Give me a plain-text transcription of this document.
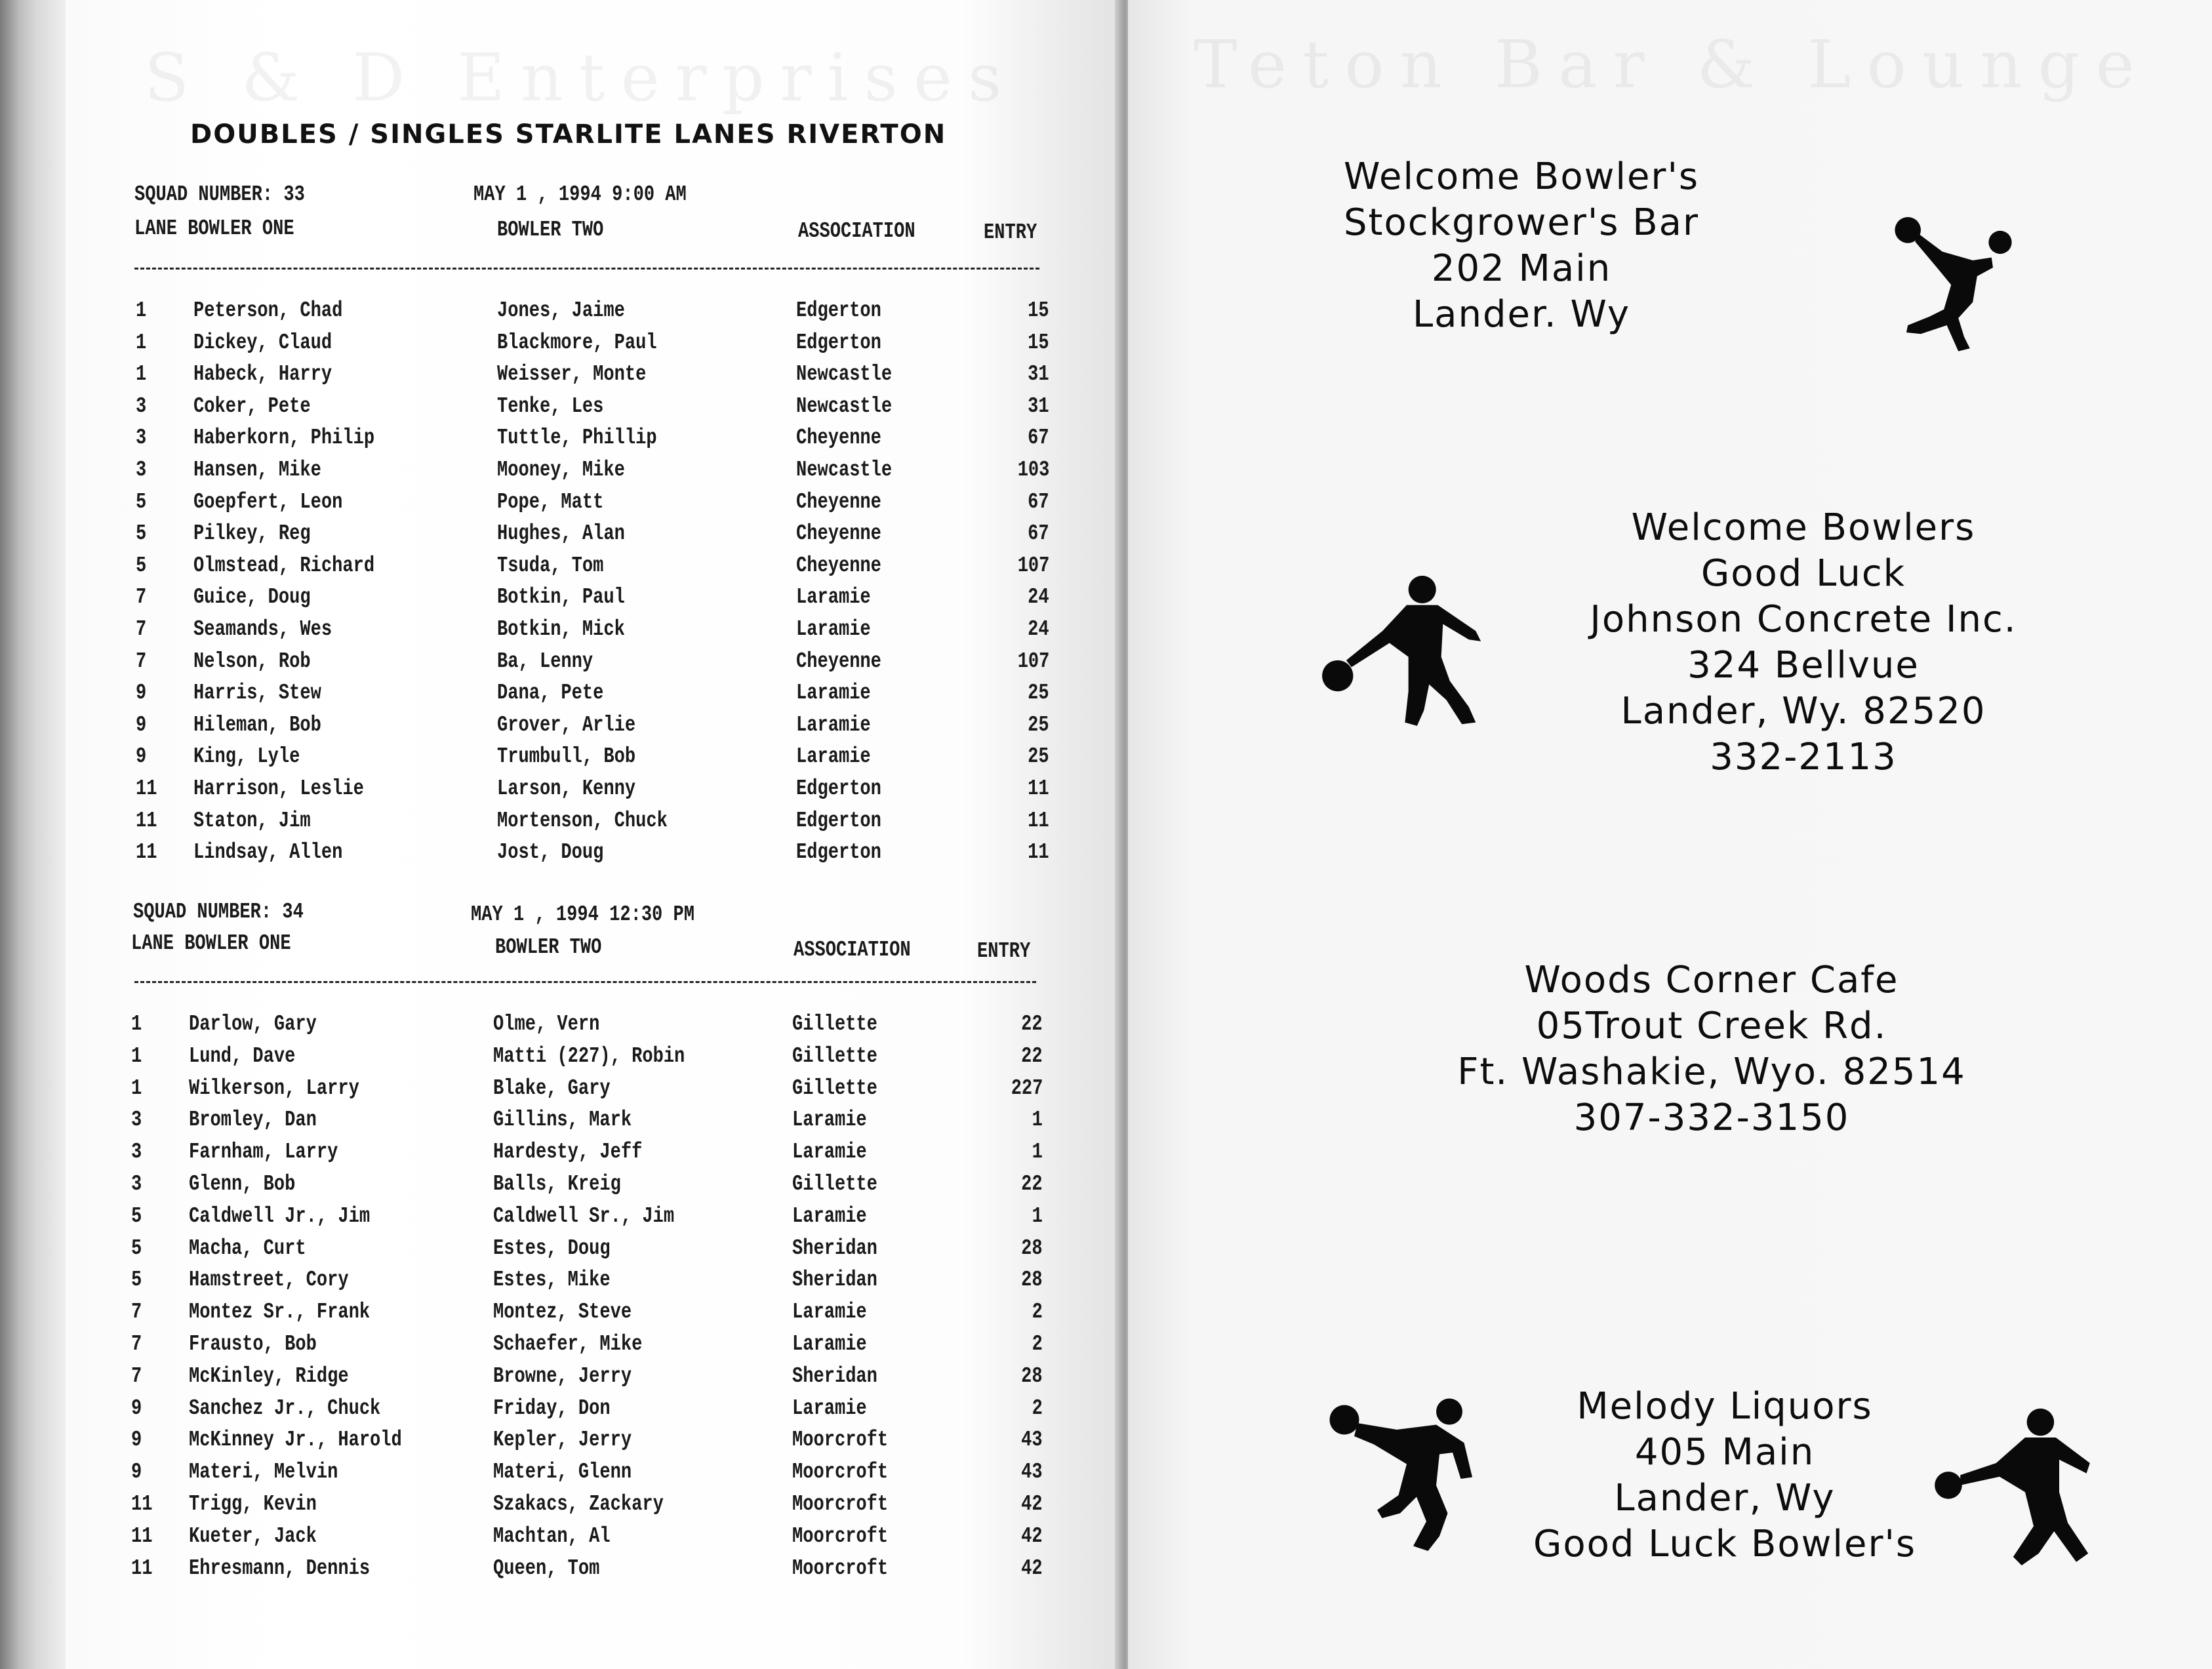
S & D Enterprises	Teton Bar & Lounge
DOUBLES / SINGLES STARLITE LANES RIVERTON
SQUAD NUMBER: 33	MAY 1 , 1994 9:00 AM
LANE BOWLER ONE	BOWLER TWO	ASSOCIATION	ENTRY
1 Peterson, Chad	Jones, Jaime	Edgerton	15
1 Dickey, Claud	Blackmore, Paul	Edgerton	15
1 Habeck, Harry	Weisser, Monte	Newcastle	31
3 Coker, Pete	Tenke, Les	Newcastle	31
3 Haberkorn, Philip	Tuttle, Phillip	Cheyenne	67
3 Hansen, Mike	Mooney, Mike	Newcastle	103
5 Goepfert, Leon	Pope, Matt	Cheyenne	67
5 Pilkey, Reg	Hughes, Alan	Cheyenne	67
5 Olmstead, Richard	Tsuda, Tom	Cheyenne	107
7 Guice, Doug	Botkin, Paul	Laramie	24
7 Seamands, Wes	Botkin, Mick	Laramie	24
7 Nelson, Rob	Ba, Lenny	Cheyenne	107
9 Harris, Stew	Dana, Pete	Laramie	25
9 Hileman, Bob	Grover, Arlie	Laramie	25
9 King, Lyle	Trumbull, Bob	Laramie	25
11 Harrison, Leslie	Larson, Kenny	Edgerton	11
11 Staton, Jim	Mortenson, Chuck	Edgerton	11
11 Lindsay, Allen	Jost, Doug	Edgerton	11
SQUAD NUMBER: 34	MAY 1 , 1994 12:30 PM
LANE BOWLER ONE	BOWLER TWO	ASSOCIATION	ENTRY
1 Darlow, Gary	Olme, Vern	Gillette	22
1 Lund, Dave	Matti (227), Robin	Gillette	22
1 Wilkerson, Larry	Blake, Gary	Gillette	227
3 Bromley, Dan	Gillins, Mark	Laramie	1
3 Farnham, Larry	Hardesty, Jeff	Laramie	1
3 Glenn, Bob	Balls, Kreig	Gillette	22
5 Caldwell Jr., Jim	Caldwell Sr., Jim	Laramie	1
5 Macha, Curt	Estes, Doug	Sheridan	28
5 Hamstreet, Cory	Estes, Mike	Sheridan	28
7 Montez Sr., Frank	Montez, Steve	Laramie	2
7 Frausto, Bob	Schaefer, Mike	Laramie	2
7 McKinley, Ridge	Browne, Jerry	Sheridan	28
9 Sanchez Jr., Chuck	Friday, Don	Laramie	2
9 McKinney Jr., Harold	Kepler, Jerry	Moorcroft	43
9 Materi, Melvin	Materi, Glenn	Moorcroft	43
11 Trigg, Kevin	Szakacs, Zackary	Moorcroft	42
11 Kueter, Jack	Machtan, Al	Moorcroft	42
11 Ehresmann, Dennis	Queen, Tom	Moorcroft	42
Welcome Bowler's
Stockgrower's Bar
202 Main
Lander. Wy
Welcome Bowlers
Good Luck
Johnson Concrete Inc.
324 Bellvue
Lander, Wy. 82520
332-2113
Woods Corner Cafe
05Trout Creek Rd.
Ft. Washakie, Wyo. 82514
307-332-3150
Melody Liquors
405 Main
Lander, Wy
Good Luck Bowler's
